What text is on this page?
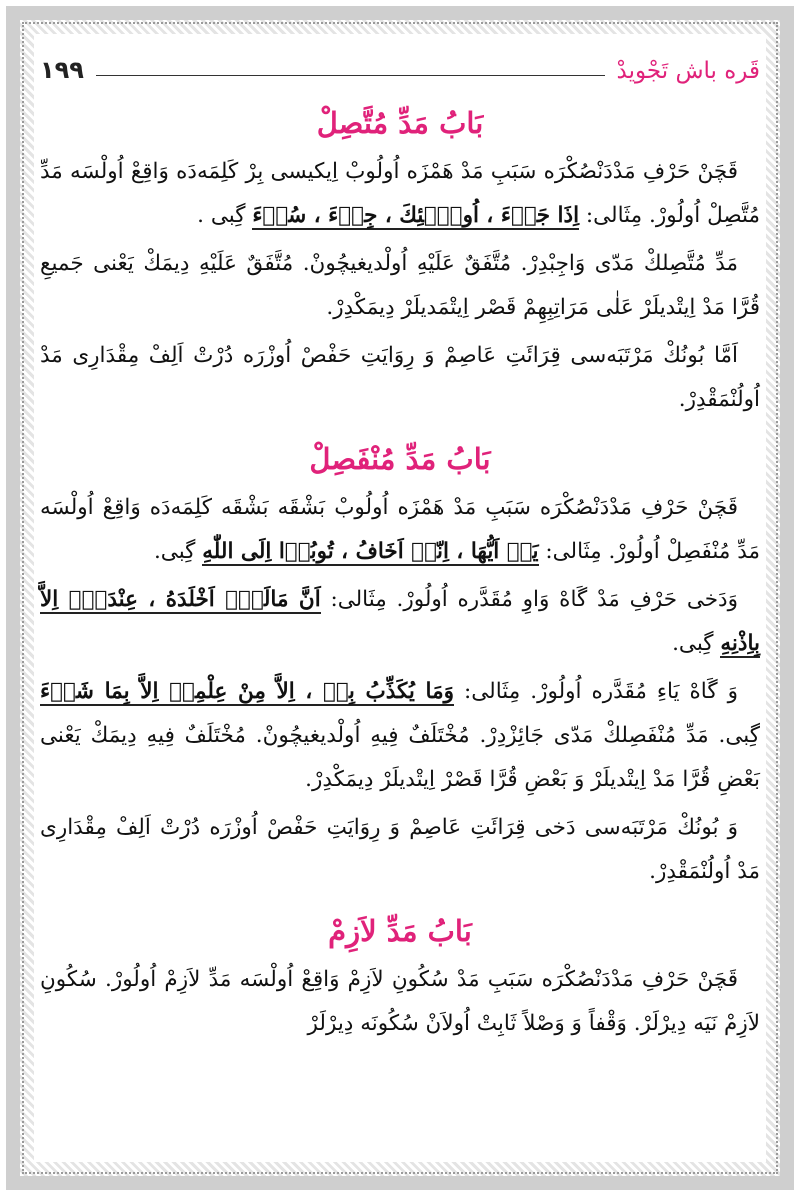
١٩٩	قَره باش تَجْویدْ
بَابُ مَدِّ مُتَّصِلْ

قَچَنْ حَرْفِ مَدْدَنْصُكْرَه سَبَبِ مَدْ هَمْزَه اُولُوبْ اِیكیسی بِرْ كَلِمَه‌دَه وَاقِعْ اُولْسَه مَدِّ مُتَّصِلْ اُولُورْ. مِثَالی: اِذَا جَاۤءَ ، اُولٰۤئِكَ ، جِیۤءَ ، سُوۤءَ گِبی .

مَدِّ مُتَّصِلكْ مَدّی وَاجِبْدِرْ. مُتَّفَقٌ عَلَیْهِ اُولْدیغیچُونْ. مُتَّفَقٌ عَلَیْهِ دِیمَكْ یَعْنی جَمیعِ قُرَّا مَدْ اِیتْدیلَرْ عَلٰی مَرَاتِبِهِمْ قَصْر اِیتْمَدیلَرْ دِیمَكْدِرْ.

اَمَّا بُونُكْ مَرْتَبَه‌سی قِرَائَتِ عَاصِمْ وَ رِوَایَتِ حَفْصْ اُوزْرَه دُرْتْ اَلِفْ مِقْدَارِی مَدْ اُولُنْمَقْدِرْ.

بَابُ مَدِّ مُنْفَصِلْ

قَچَنْ حَرْفِ مَدْدَنْصُكْرَه سَبَبِ مَدْ هَمْزَه اُولُوبْ بَشْقَه بَشْقَه كَلِمَه‌دَه وَاقِعْ اُولْسَه مَدِّ مُنْفَصِلْ اُولُورْ. مِثَالی: یَاۤ اَیُّهَا ، اِنّیۤ اَخَافُ ، تُوبُوۤا اِلَی اللّٰهِ گِبی.

وَدَخی حَرْفِ مَدْ گَاهْ وَاوِ مُقَدَّره اُولُورْ. مِثَالی: اَنَّ مَالَهُۤ اَخْلَدَهُ ، عِنْدَهُۤ اِلاَّ بِاِذْنِهِ گِبی.

وَ گَاهْ یَاءِ مُقَدَّره اُولُورْ. مِثَالی: وَمَا یُكَذِّبُ بِهۤ ، اِلاَّ مِنْ عِلْمِهۤ اِلاَّ بِمَا شَاۤءَ گِبی. مَدِّ مُنْفَصِلكْ مَدّی جَائِزْدِرْ. مُخْتَلَفٌ فِیهِ اُولْدیغیچُونْ. مُخْتَلَفٌ فِیهِ دِیمَكْ یَعْنی بَعْضِ قُرَّا مَدْ اِیتْدیلَرْ وَ بَعْضِ قُرَّا قَصْرْ اِیتْدیلَرْ دِیمَكْدِرْ.

وَ بُونُكْ مَرْتَبَه‌سی دَخی قِرَائَتِ عَاصِمْ وَ رِوَایَتِ حَفْصْ اُوزْرَه دُرْتْ اَلِفْ مِقْدَارِی مَدْ اُولُنْمَقْدِرْ.

بَابُ مَدِّ لاَزِمْ

قَچَنْ حَرْفِ مَدْدَنْصُكْرَه سَبَبِ مَدْ سُكُونِ لاَزِمْ وَاقِعْ اُولْسَه مَدِّ لاَزِمْ اُولُورْ. سُكُونِ لاَزِمْ نَیَه دِیرْلَرْ. وَقْفاً وَ وَصْلاً ثَابِتْ اُولاَنْ سُكُونَه دِیرْلَرْ
